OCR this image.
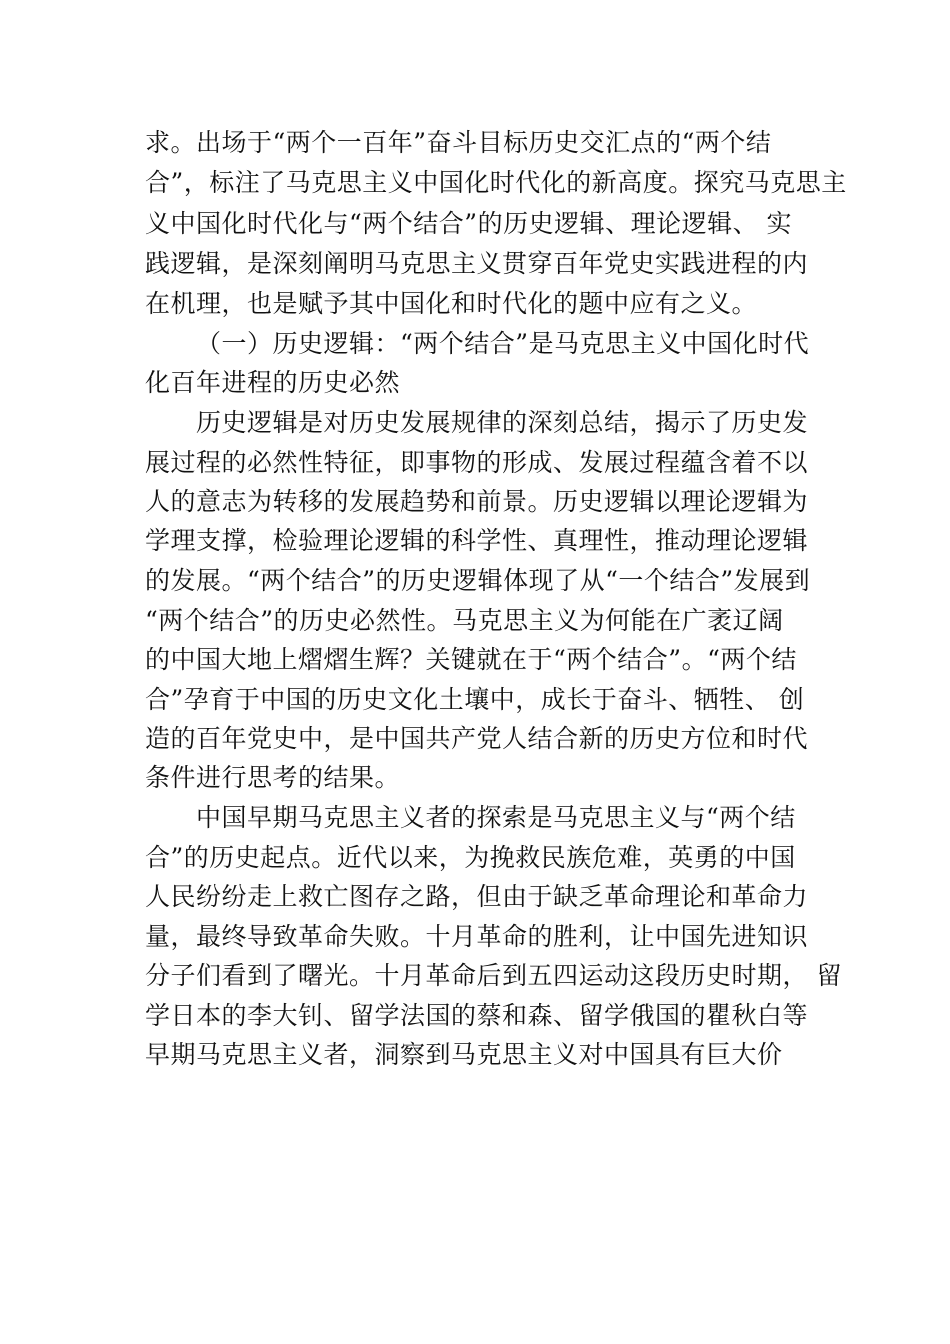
求。出场于“两个一百年”奋斗目标历史交汇点的“两个结
合”，标注了马克思主义中国化时代化的新高度。探究马克思主
义中国化时代化与“两个结合”的历史逻辑、理论逻辑、 实
践逻辑，是深刻阐明马克思主义贯穿百年党史实践进程的内
在机理，也是赋予其中国化和时代化的题中应有之义。
（一）历史逻辑：“两个结合”是马克思主义中国化时代
化百年进程的历史必然
历史逻辑是对历史发展规律的深刻总结，揭示了历史发
展过程的必然性特征，即事物的形成、发展过程蕴含着不以
人的意志为转移的发展趋势和前景。历史逻辑以理论逻辑为
学理支撑，检验理论逻辑的科学性、真理性，推动理论逻辑
的发展。“两个结合”的历史逻辑体现了从“一个结合”发展到
“两个结合”的历史必然性。马克思主义为何能在广袤辽阔
的中国大地上熠熠生辉？关键就在于“两个结合”。“两个结
合”孕育于中国的历史文化土壤中，成长于奋斗、牺牲、 创
造的百年党史中，是中国共产党人结合新的历史方位和时代
条件进行思考的结果。
中国早期马克思主义者的探索是马克思主义与“两个结
合”的历史起点。近代以来，为挽救民族危难，英勇的中国
人民纷纷走上救亡图存之路，但由于缺乏革命理论和革命力
量，最终导致革命失败。十月革命的胜利，让中国先进知识
分子们看到了曙光。十月革命后到五四运动这段历史时期， 留
学日本的李大钊、留学法国的蔡和森、留学俄国的瞿秋白等
早期马克思主义者，洞察到马克思主义对中国具有巨大价
